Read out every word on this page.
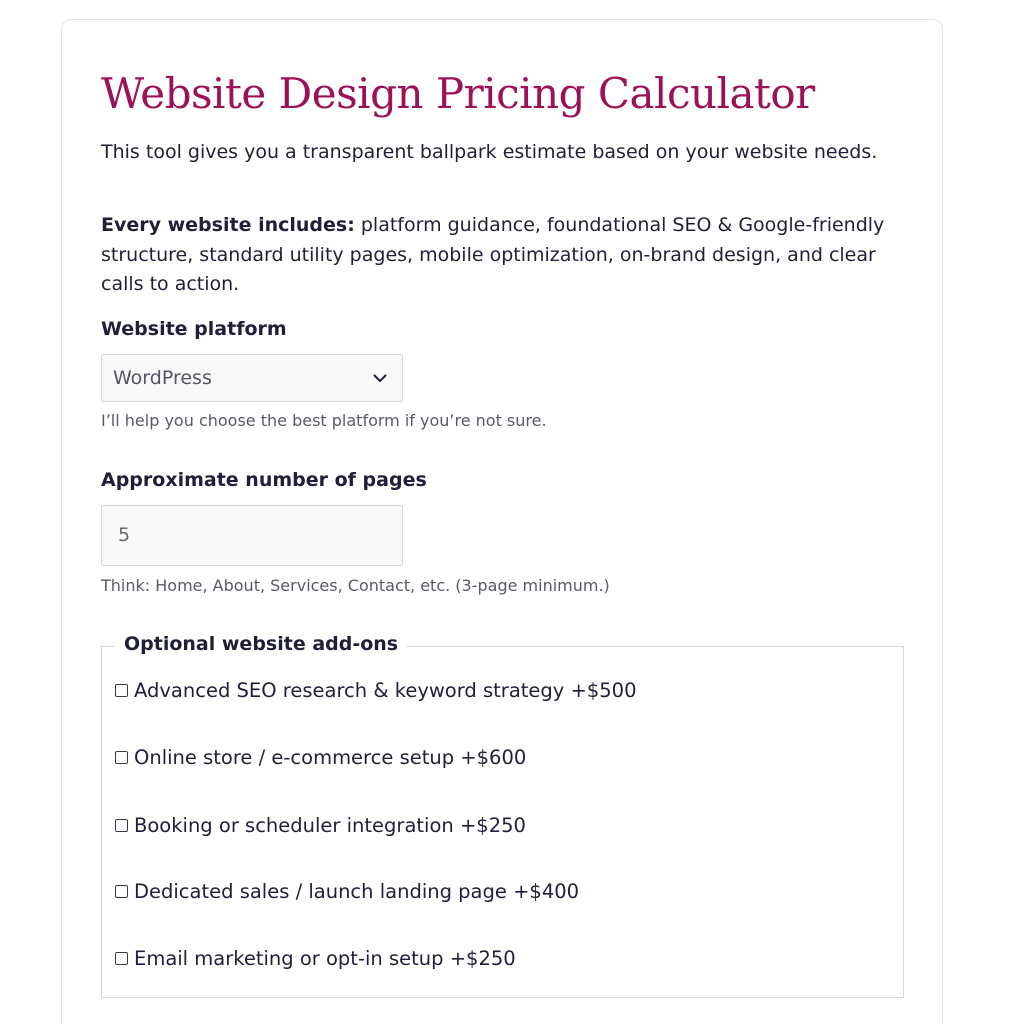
Website Design Pricing Calculator

This tool gives you a transparent ballpark estimate based on your website needs.

Every website includes: platform guidance, foundational SEO & Google-friendly structure, standard utility pages, mobile optimization, on-brand design, and clear calls to action.

Website platform
WordPress
I’ll help you choose the best platform if you’re not sure.
Approximate number of pages
5
Think: Home, About, Services, Contact, etc. (3-page minimum.)
Optional website add-ons
Advanced SEO research & keyword strategy +$500
Online store / e-commerce setup +$600
Booking or scheduler integration +$250
Dedicated sales / launch landing page +$400
Email marketing or opt-in setup +$250
